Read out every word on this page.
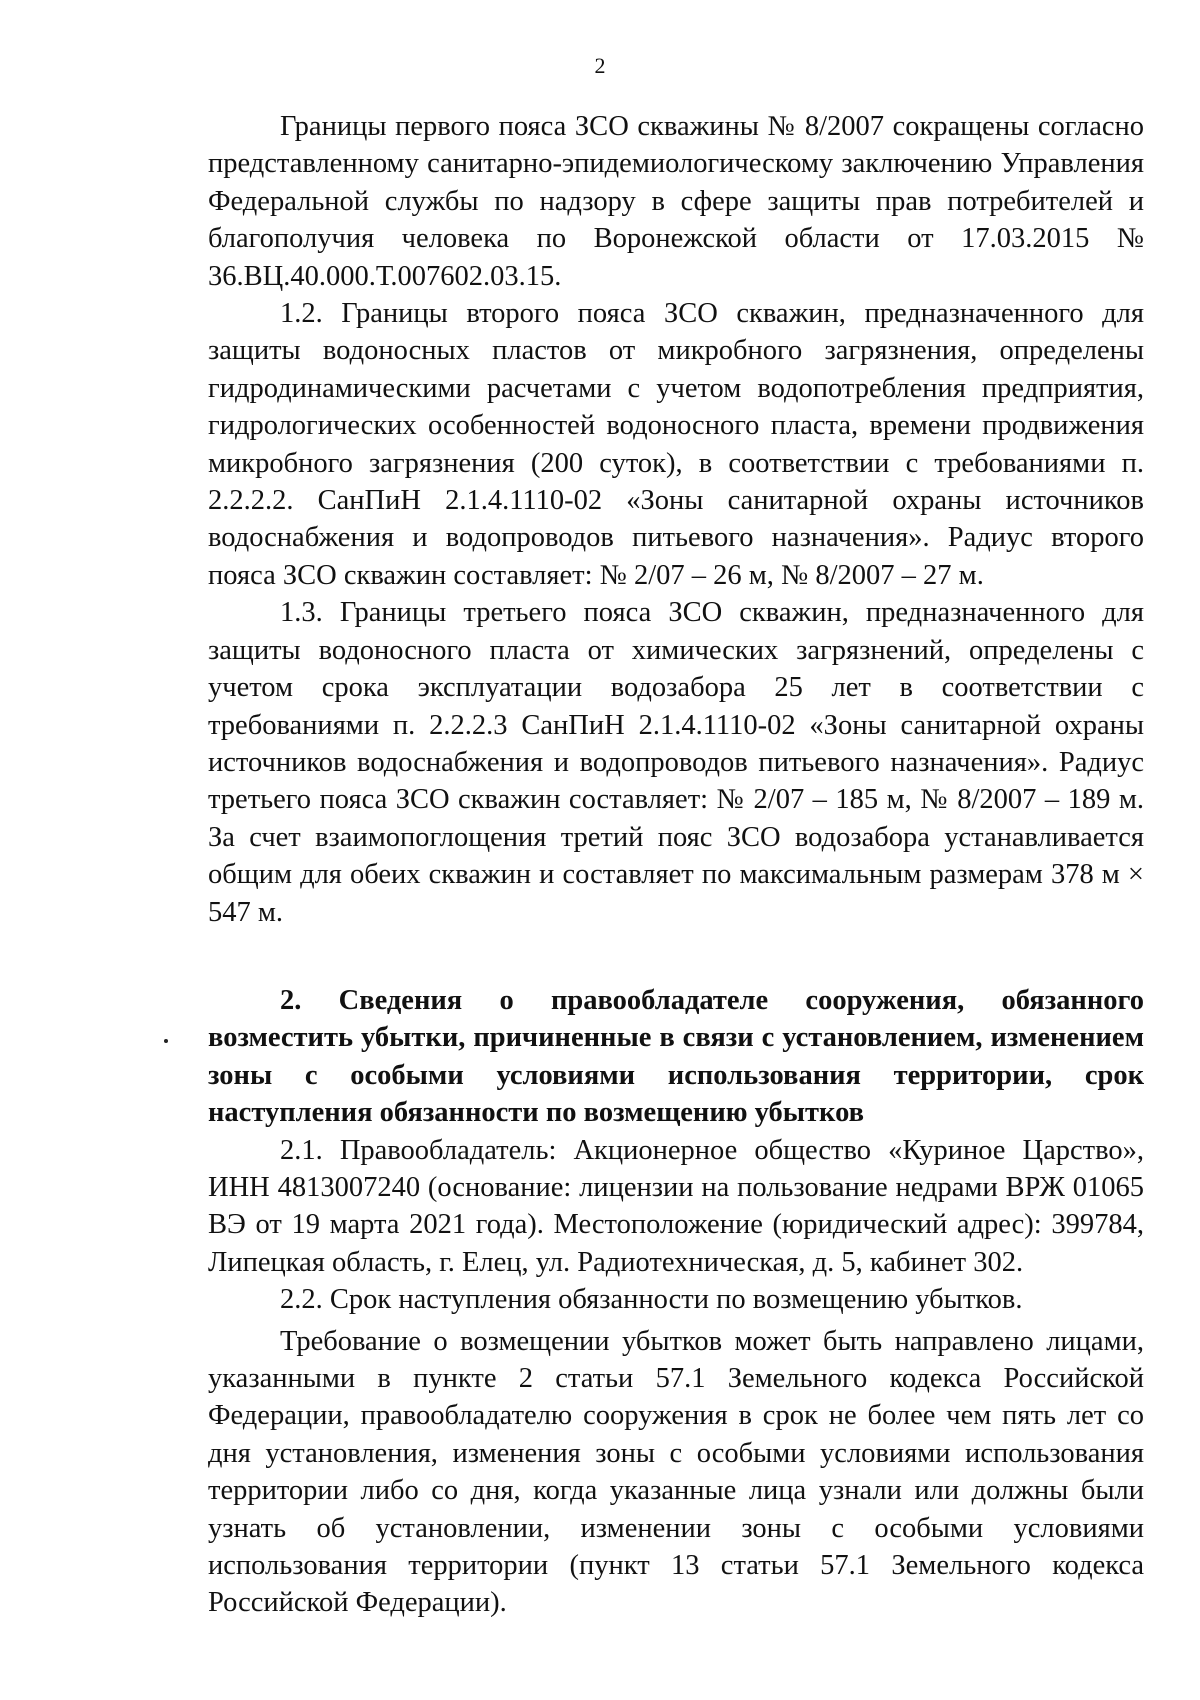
2

Границы первого пояса ЗСО скважины № 8/2007 сокращены согласно представленному санитарно-эпидемиологическому заключению Управления Федеральной службы по надзору в сфере защиты прав потребителей и благополучия человека по Воронежской области от 17.03.2015 № 36.ВЦ.40.000.Т.007602.03.15.

1.2. Границы второго пояса ЗСО скважин, предназначенного для защиты водоносных пластов от микробного загрязнения, определены гидродинамическими расчетами с учетом водопотребления предприятия, гидрологических особенностей водоносного пласта, времени продвижения микробного загрязнения (200 суток), в соответствии с требованиями п. 2.2.2.2. СанПиН 2.1.4.1110-02 «Зоны санитарной охраны источников водоснабжения и водопроводов питьевого назначения». Радиус второго пояса ЗСО скважин составляет: № 2/07 – 26 м, № 8/2007 – 27 м.

1.3. Границы третьего пояса ЗСО скважин, предназначенного для защиты водоносного пласта от химических загрязнений, определены с учетом срока эксплуатации водозабора 25 лет в соответствии с требованиями п. 2.2.2.3 СанПиН 2.1.4.1110-02 «Зоны санитарной охраны источников водоснабжения и водопроводов питьевого назначения». Радиус третьего пояса ЗСО скважин составляет: № 2/07 – 185 м, № 8/2007 – 189 м. За счет взаимопоглощения третий пояс ЗСО водозабора устанавливается общим для обеих скважин и составляет по максимальным размерам 378 м × 547 м.

2. Сведения о правообладателе сооружения, обязанного возместить убытки, причиненные в связи с установлением, изменением зоны с особыми условиями использования территории, срок наступления обязанности по возмещению убытков

2.1. Правообладатель: Акционерное общество «Куриное Царство», ИНН 4813007240 (основание: лицензии на пользование недрами ВРЖ 01065 ВЭ от 19 марта 2021 года). Местоположение (юридический адрес): 399784, Липецкая область, г. Елец, ул. Радиотехническая, д. 5, кабинет 302.

2.2. Срок наступления обязанности по возмещению убытков.

Требование о возмещении убытков может быть направлено лицами, указанными в пункте 2 статьи 57.1 Земельного кодекса Российской Федерации, правообладателю сооружения в срок не более чем пять лет со дня установления, изменения зоны с особыми условиями использования территории либо со дня, когда указанные лица узнали или должны были узнать об установлении, изменении зоны с особыми условиями использования территории (пункт 13 статьи 57.1 Земельного кодекса Российской Федерации).
